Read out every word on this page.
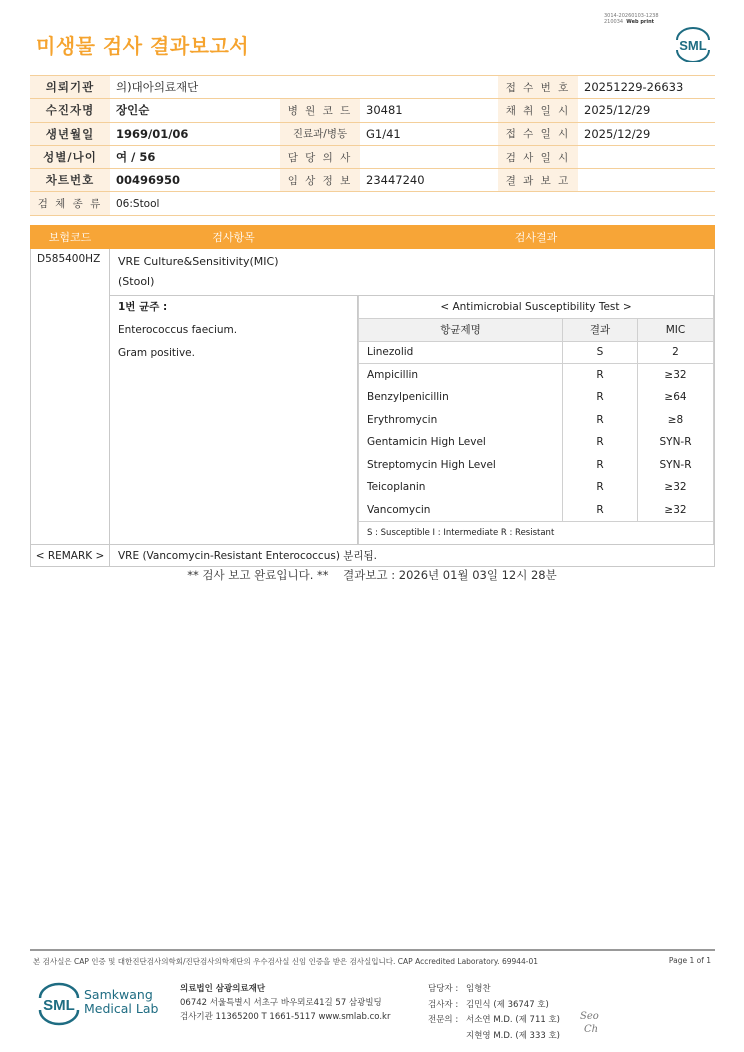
3014-20260103-1238
210034 Web print
미생물 검사 결과보고서	SML
의뢰기관	의)대아의료재단			접 수 번 호	20251229-26633
수진자명	장인순	병 원 코 드	30481	채 취 일 시	2025/12/29
생년월일	1969/01/06	진료과/병동	G1/41	접 수 일 시	2025/12/29
성별/나이	여 / 56	담 당 의 사		검 사 일 시	
차트번호	00496950	임 상 정 보	23447240	결 과 보 고	
검 체 종 류	06:Stool				
보험코드	검사항목	검사결과
D585400HZ	VRE Culture&Sensitivity(MIC)
(Stool)

1번 균주 :
Enterococcus faecium.
Gram positive.

< Antimicrobial Susceptibility Test >
항균제명	결과	MIC
Linezolid	S	2
Ampicillin	R	≥32
Benzylpenicillin	R	≥64
Erythromycin	R	≥8
Gentamicin High Level	R	SYN-R
Streptomycin High Level	R	SYN-R
Teicoplanin	R	≥32
Vancomycin	R	≥32
S : Susceptible I : Intermediate R : Resistant

< REMARK >	VRE (Vancomycin-Resistant Enterococcus) 분리됨.
** 검사 보고 완료입니다. **    결과보고 : 2026년 01월 03일 12시 28분
본 검사실은 CAP 인증 및 대한진단검사의학회/진단검사의학재단의 우수검사실 신임 인증을 받은 검사실입니다. CAP Accredited Laboratory. 69944-01	Page 1 of 1
SML
Samkwang
Medical Lab
의료법인 삼광의료재단
06742 서울특별시 서초구 바우뫼로41길 57 삼광빌딩
검사기관 11365200 T 1661-5117 www.smlab.co.kr
담당자 : 임형찬
검사자 : 김민식 (제 36747 호)
전문의 : 서소연 M.D. (제 711 호)
지현영 M.D. (제 333 호)
Seo
Ch
